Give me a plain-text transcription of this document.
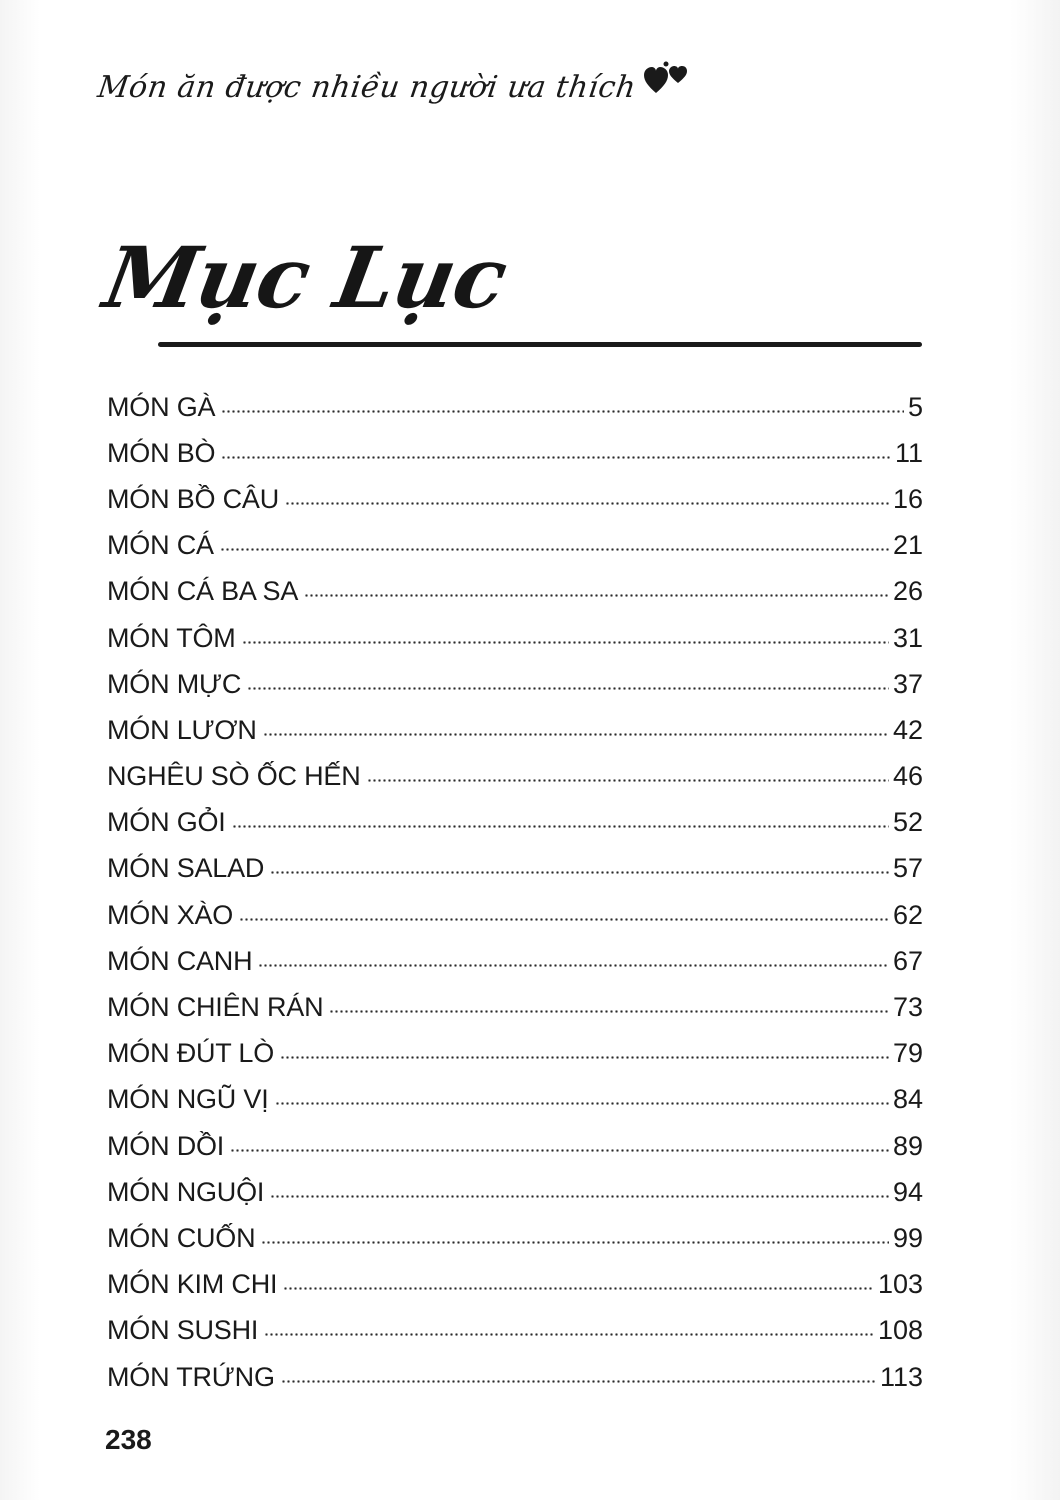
Món ăn được nhiều người ưa thích
Mục Lục
MÓN GÀ	5
MÓN BÒ	11
MÓN BỒ CÂU	16
MÓN CÁ	21
MÓN CÁ BA SA	26
MÓN TÔM	31
MÓN MỰC	37
MÓN LƯƠN	42
NGHÊU SÒ ỐC HẾN	46
MÓN GỎI	52
MÓN SALAD	57
MÓN XÀO	62
MÓN CANH	67
MÓN CHIÊN RÁN	73
MÓN ĐÚT LÒ	79
MÓN NGŨ VỊ	84
MÓN DỒI	89
MÓN NGUỘI	94
MÓN CUỐN	99
MÓN KIM CHI	103
MÓN SUSHI	108
MÓN TRỨNG	113
238
